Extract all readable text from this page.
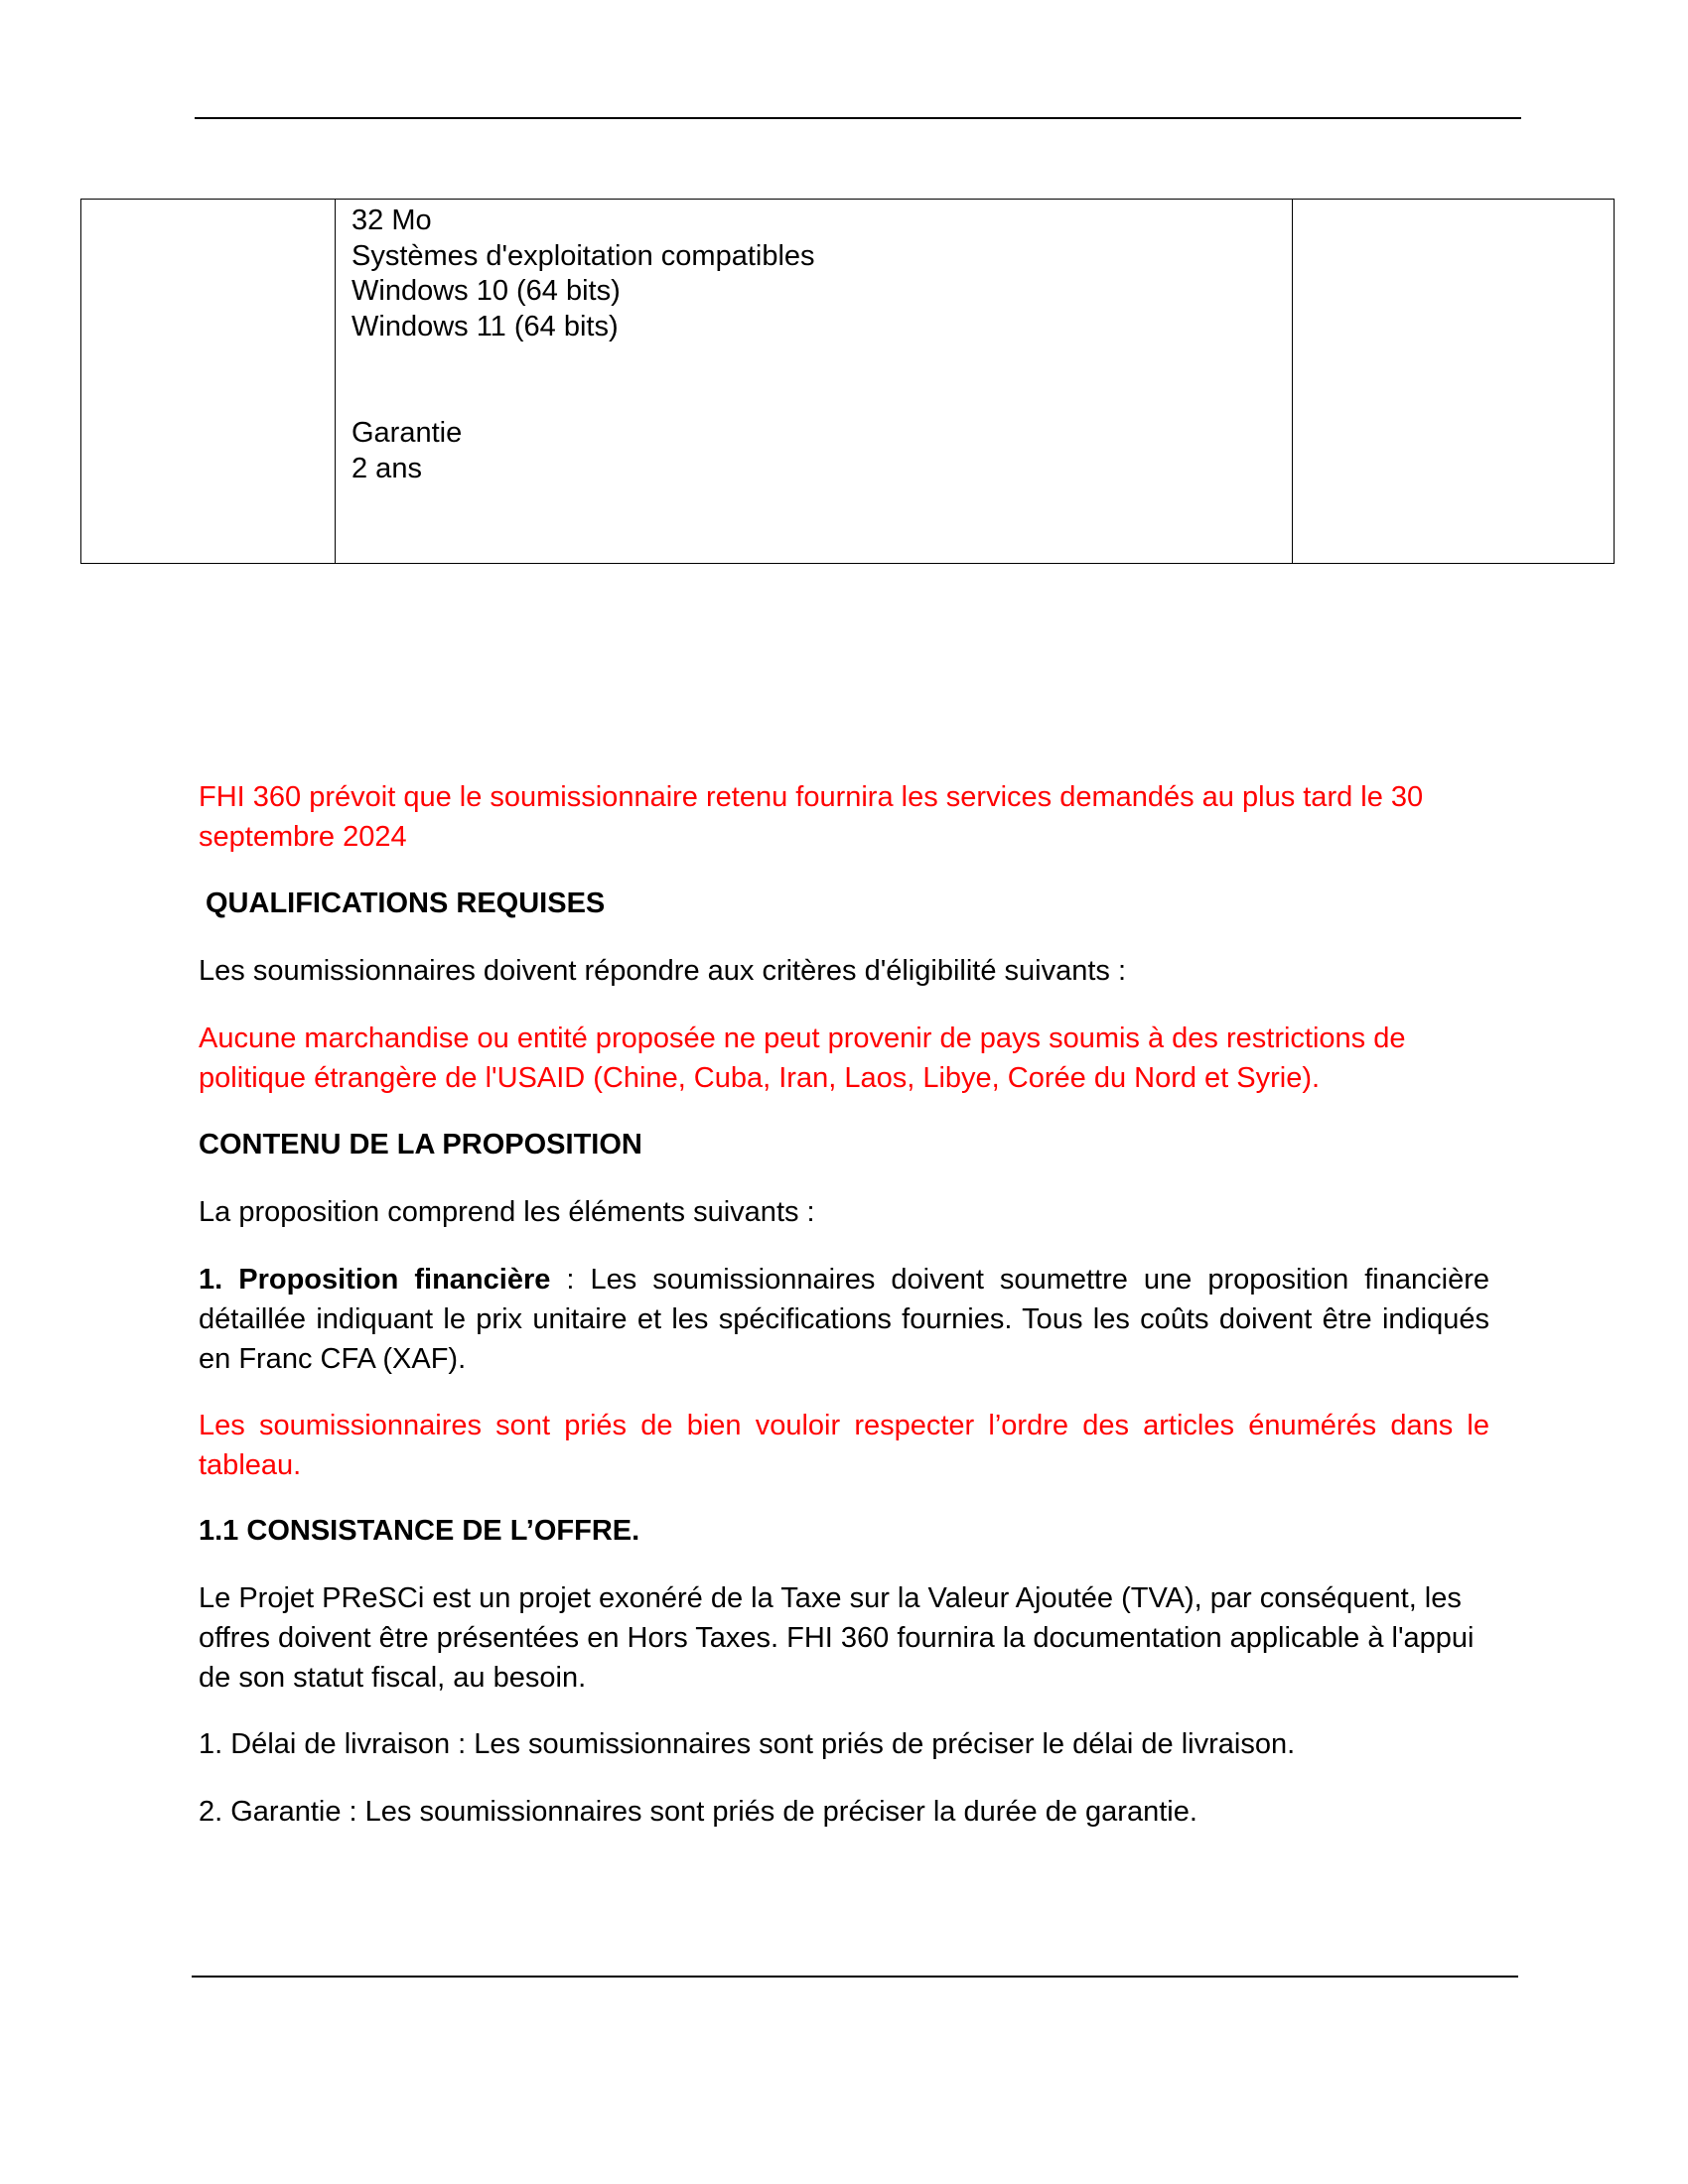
32 Mo
Systèmes d'exploitation compatibles
Windows 10 (64 bits)
Windows 11 (64 bits)
Garantie
2 ans

FHI 360 prévoit que le soumissionnaire retenu fournira les services demandés au plus tard le 30 septembre 2024
QUALIFICATIONS REQUISES
Les soumissionnaires doivent répondre aux critères d'éligibilité suivants :
Aucune marchandise ou entité proposée ne peut provenir de pays soumis à des restrictions de politique étrangère de l'USAID (Chine, Cuba, Iran, Laos, Libye, Corée du Nord et Syrie).
CONTENU DE LA PROPOSITION
La proposition comprend les éléments suivants :
1. Proposition financière : Les soumissionnaires doivent soumettre une proposition financière détaillée indiquant le prix unitaire et les spécifications fournies. Tous les coûts doivent être indiqués en Franc CFA (XAF).
Les soumissionnaires sont priés de bien vouloir respecter l’ordre des articles énumérés dans le tableau.
1.1 CONSISTANCE DE L’OFFRE.
Le Projet PReSCi est un projet exonéré de la Taxe sur la Valeur Ajoutée (TVA), par conséquent, les offres doivent être présentées en Hors Taxes. FHI 360 fournira la documentation applicable à l'appui de son statut fiscal, au besoin.
1. Délai de livraison : Les soumissionnaires sont priés de préciser le délai de livraison.
2. Garantie : Les soumissionnaires sont priés de préciser la durée de garantie.
